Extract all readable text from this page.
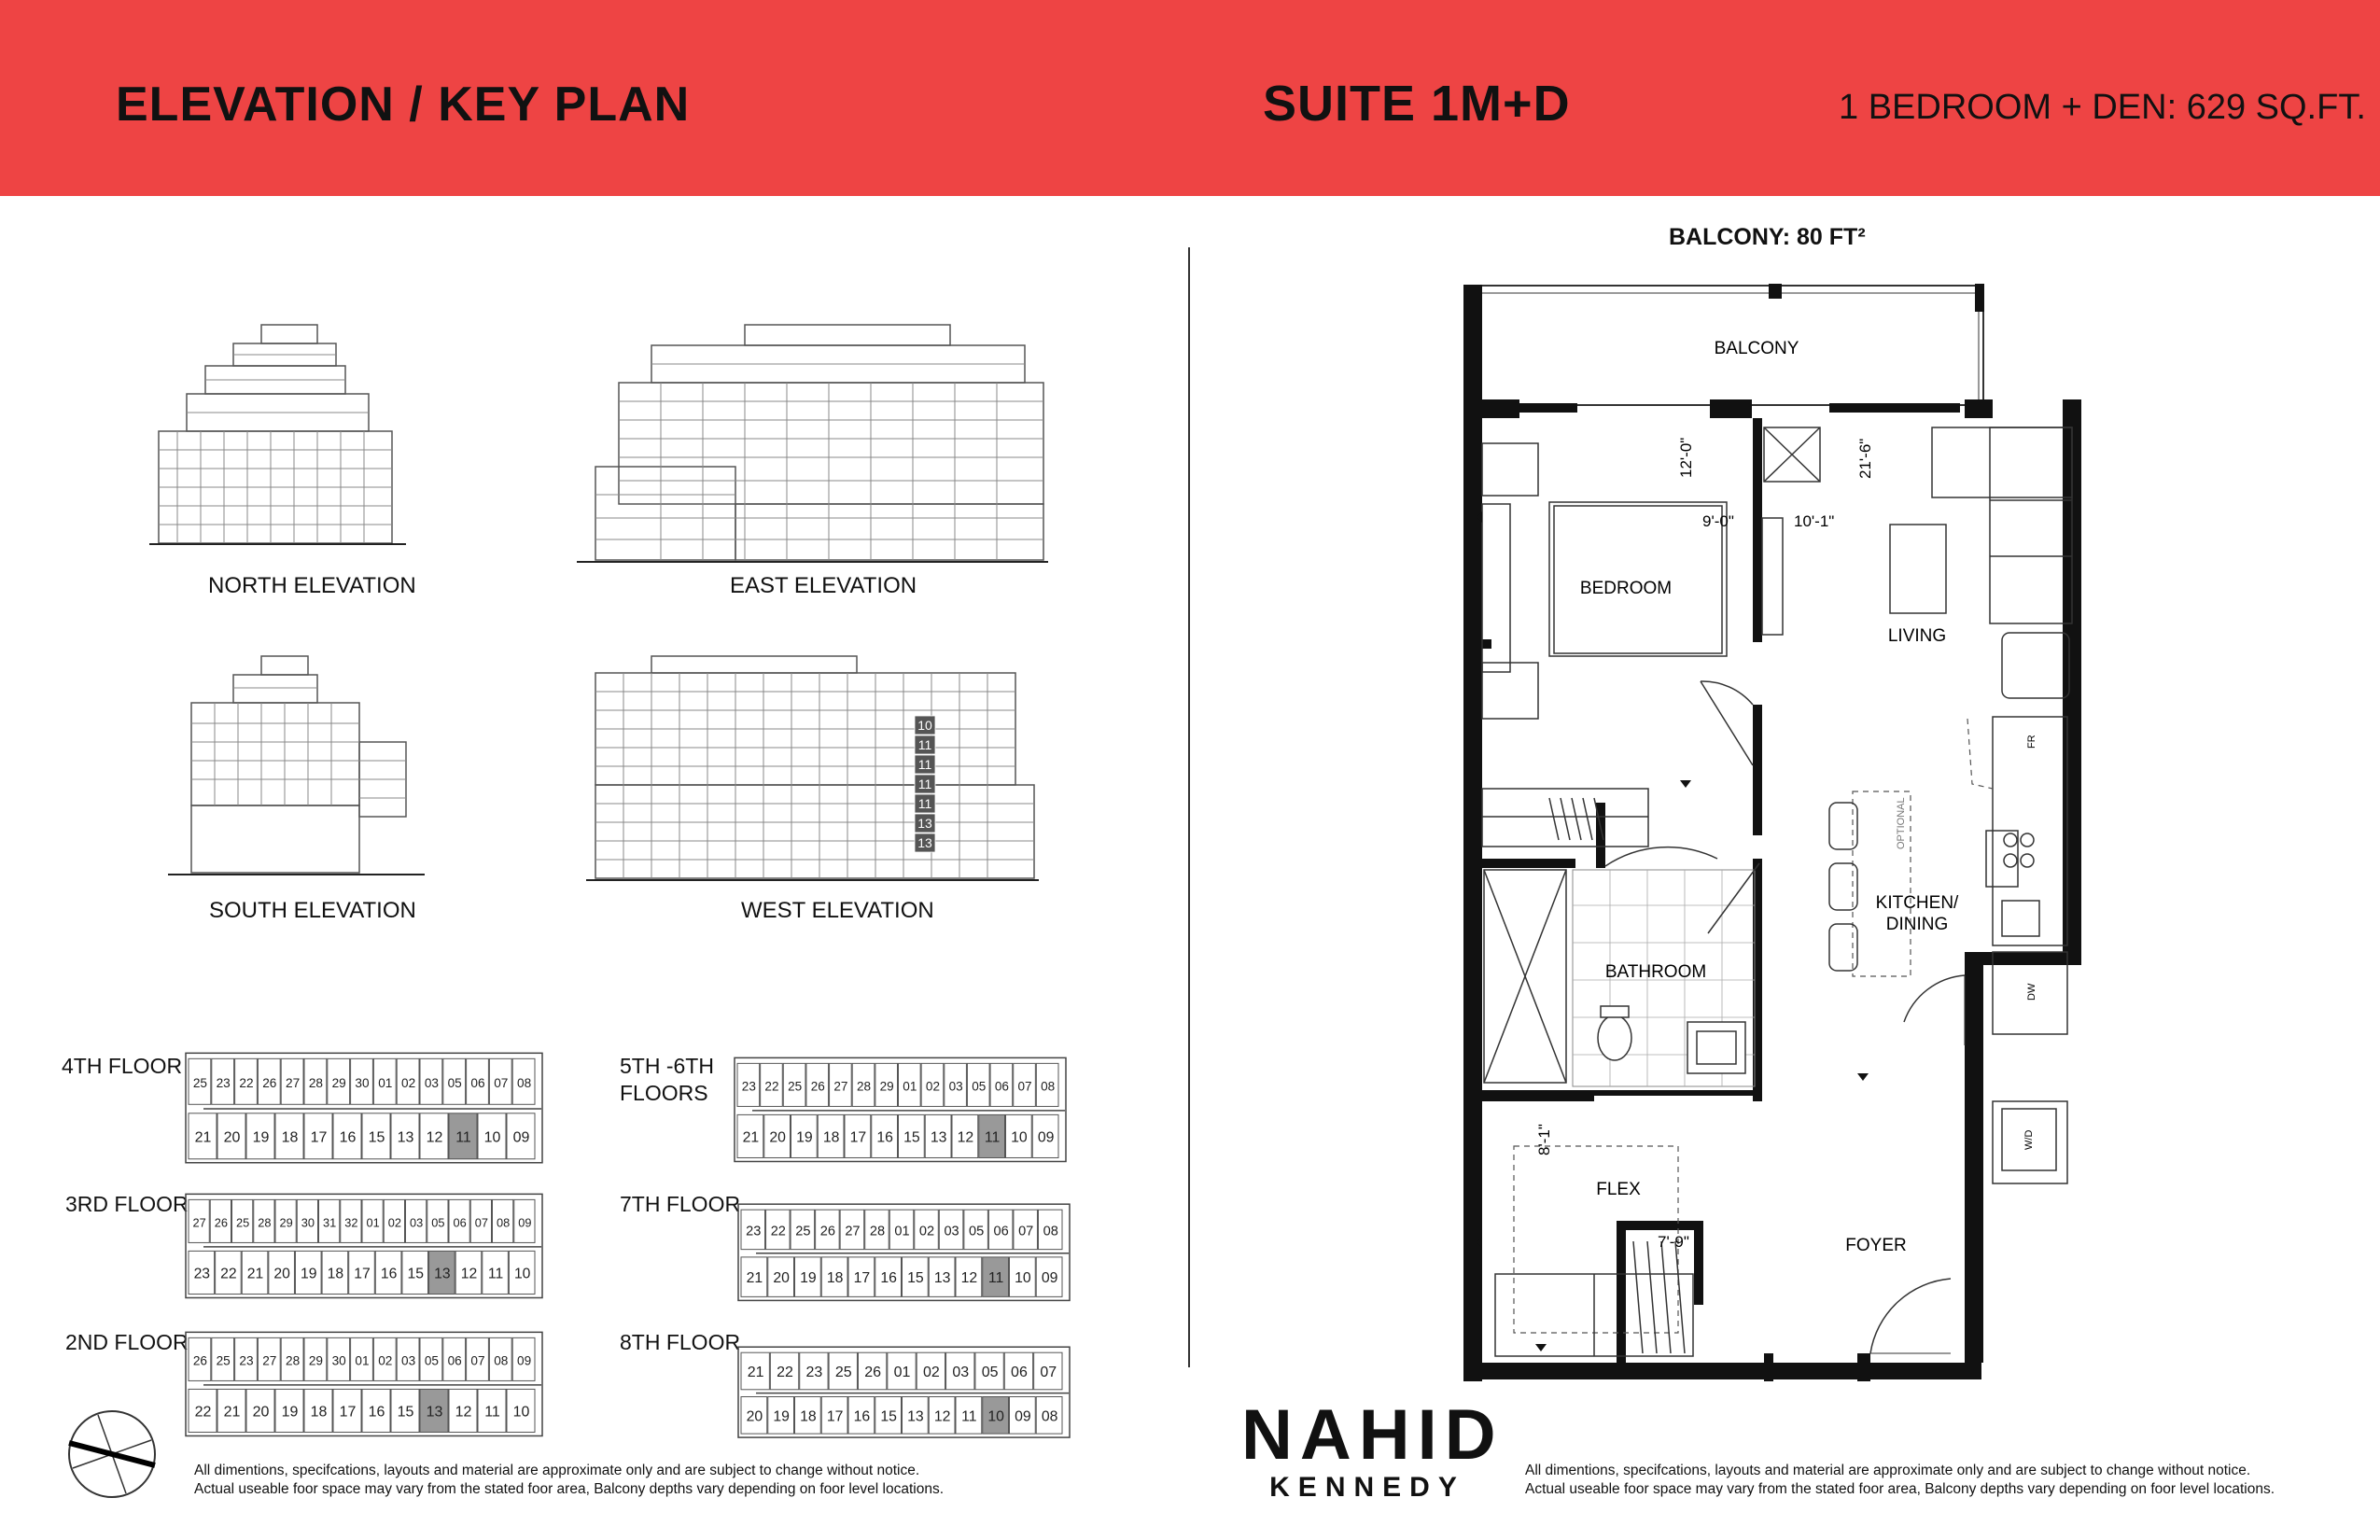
ELEVATION / KEY PLAN	SUITE 1M+D	1 BEDROOM + DEN: 629 SQ.FT.
10
11
11
11
11
13
13
NORTH ELEVATION	EAST ELEVATION
SOUTH ELEVATION	WEST ELEVATION
4TH FLOOR	5TH -6TH
FLOORS
3RD FLOOR	7TH FLOOR
2ND FLOOR	8TH FLOOR
25 23 22 26 27 28 29 30 01 02 03 05 06 07 08
21 20 19 18 17 16 15 13 12 11 10 09
23 22 25 26 27 28 29 01 02 03 05 06 07 08
21 20 19 18 17 16 15 13 12 11 10 09
27 26 25 28 29 30 31 32 01 02 03 05 06 07 08 09
23 22 21 20 19 18 17 16 15 13 12 11 10
23 22 25 26 27 28 01 02 03 05 06 07 08
21 20 19 18 17 16 15 13 12 11 10 09
26 25 23 27 28 29 30 01 02 03 05 06 07 08 09
22 21 20 19 18 17 16 15 13 12 11 10
21 22 23 25 26 01 02 03 05 06 07
20 19 18 17 16 15 13 12 11 10 09 08
All dimentions, specifcations, layouts and material are approximate only and are subject to change without notice.
Actual useable foor space may vary from the stated foor area, Balcony depths vary depending on foor level locations.
All dimentions, specifcations, layouts and material are approximate only and are subject to change without notice.
Actual useable foor space may vary from the stated foor area, Balcony depths vary depending on foor level locations.
BALCONY: 80 FT²
BALCONY
BEDROOM
LIVING
KITCHEN/
DINING
BATHROOM
FLEX
FOYER
12'-0"
9'-0"
21'-6"
10'-1"
8'-1"
7'-9"
FR
DW
W/D
OPTIONAL
NAHID
KENNEDY
